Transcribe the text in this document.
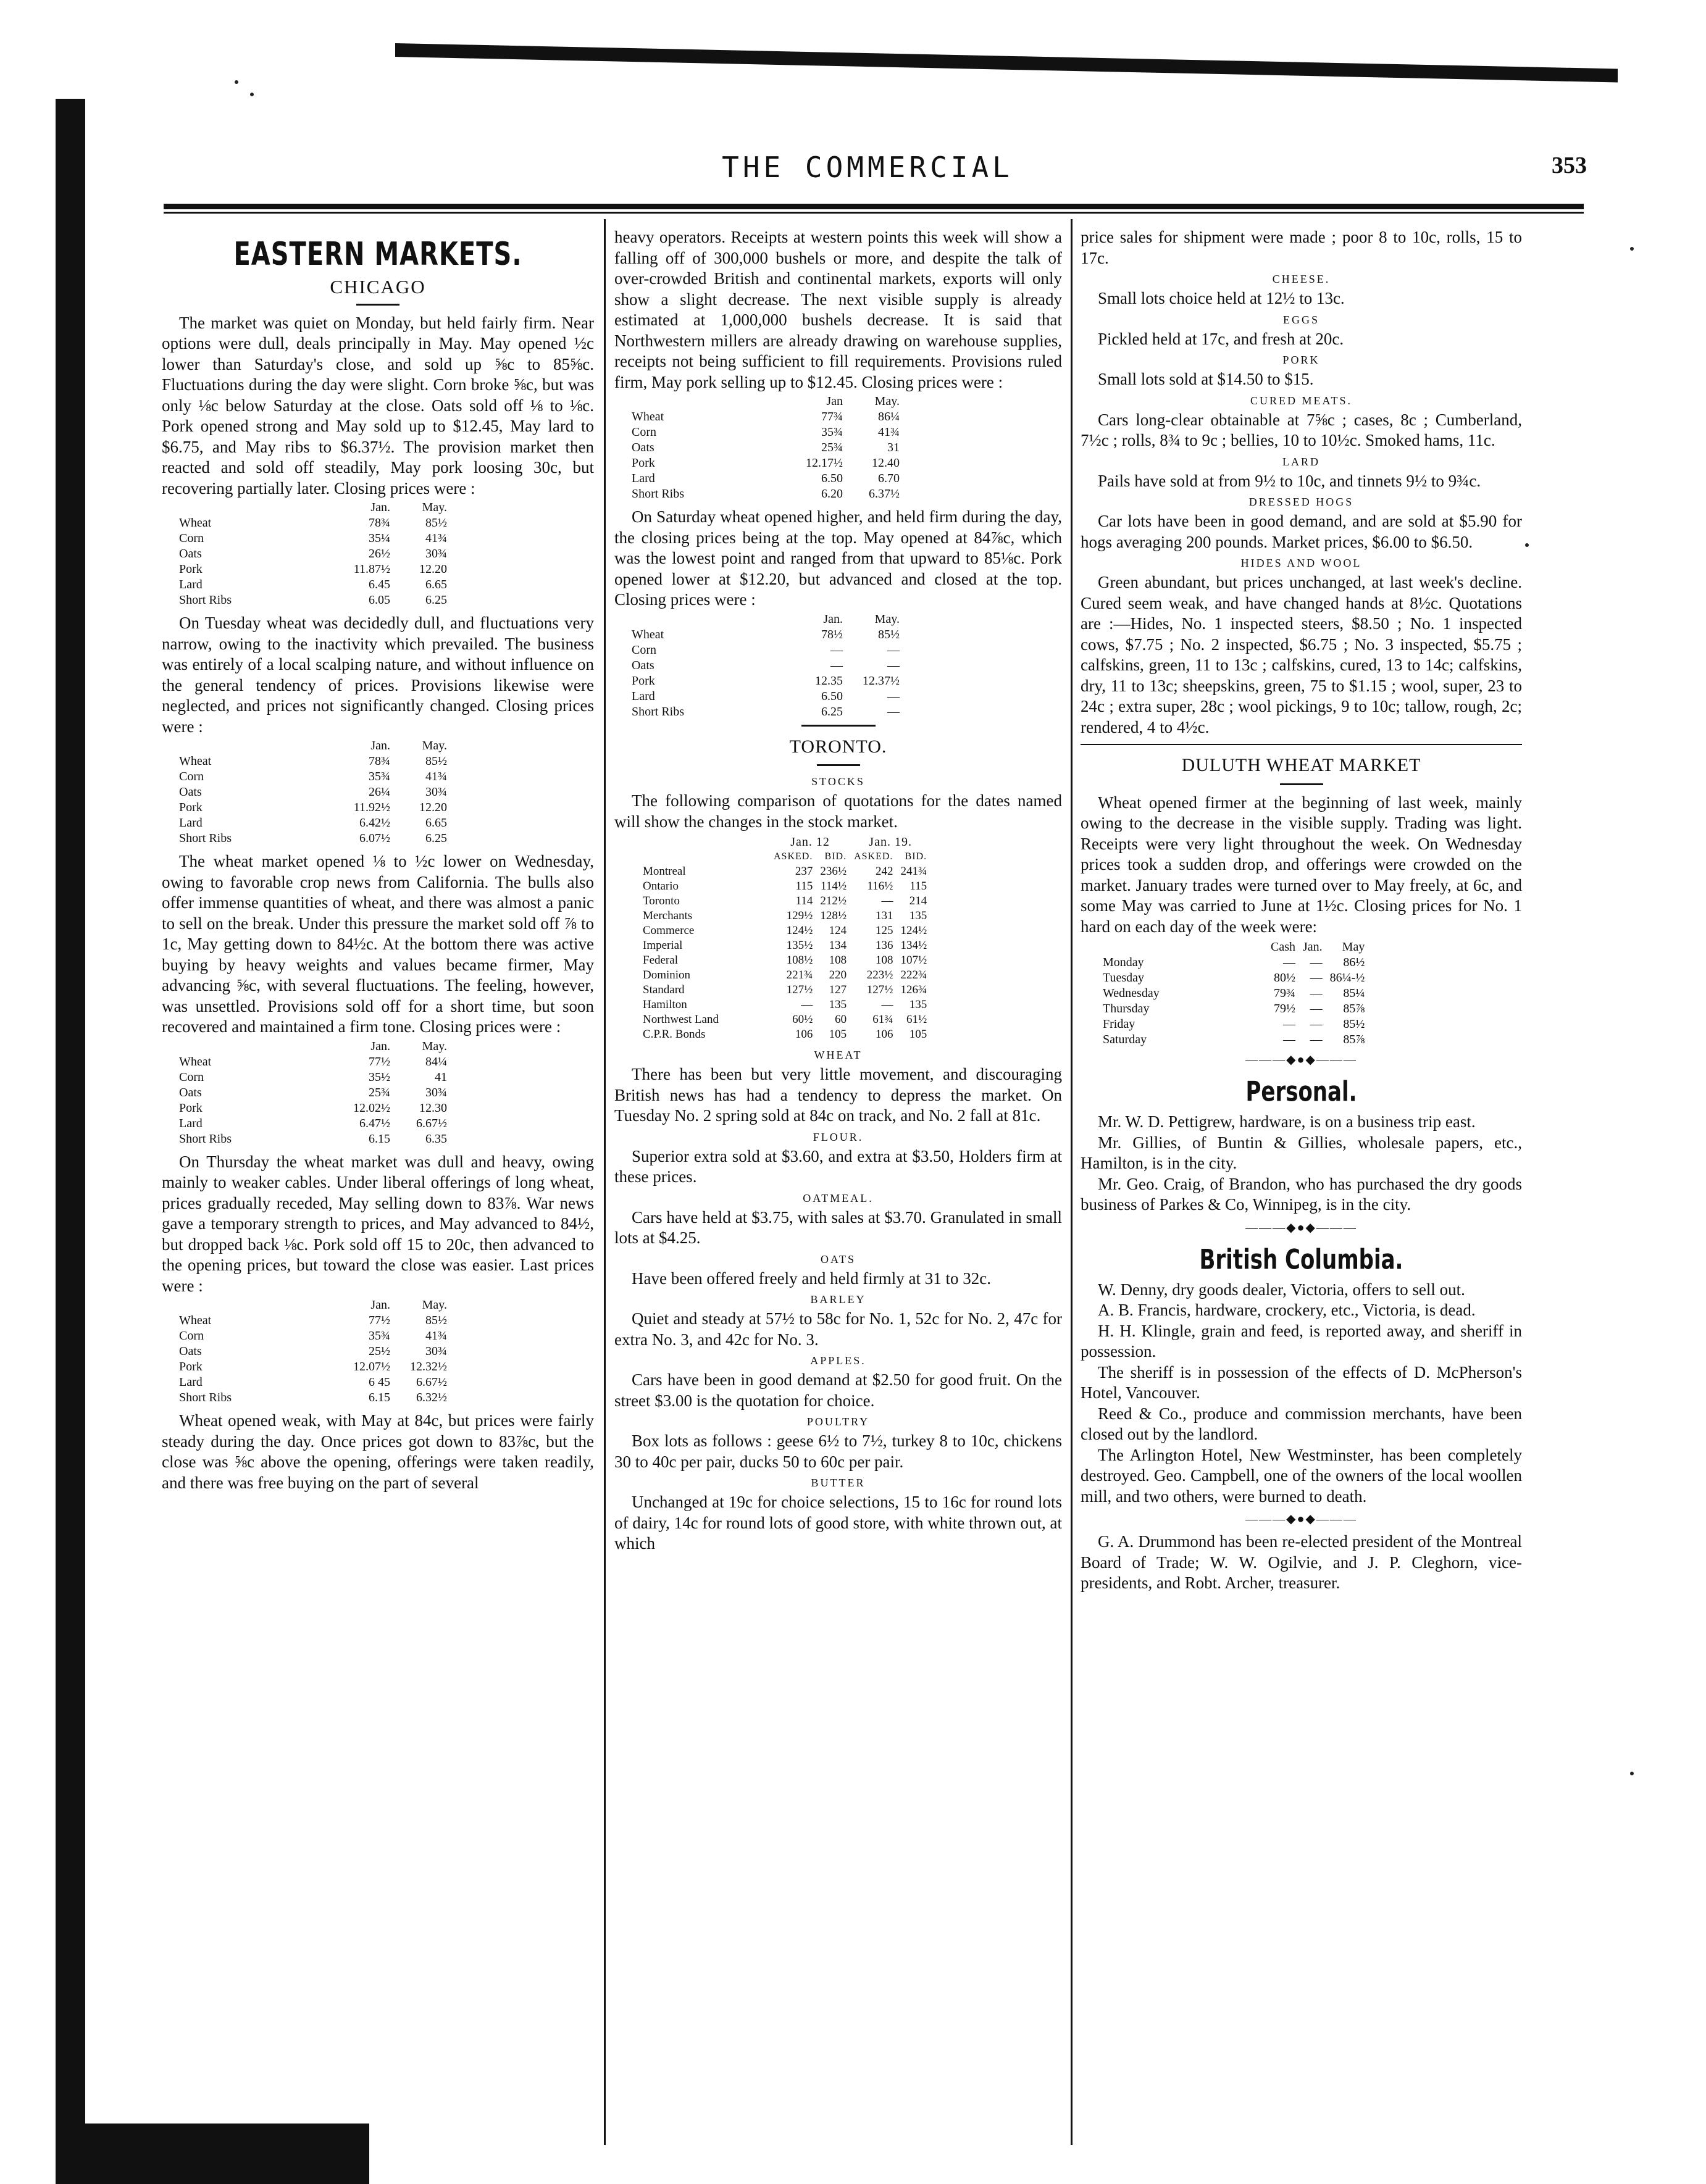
THE COMMERCIAL	353
EASTERN MARKETS.
CHICAGO

The market was quiet on Monday, but held fairly firm. Near options were dull, deals principally in May. May opened ½c lower than Saturday's close, and sold up ⅝c to 85⅝c. Fluctuations during the day were slight. Corn broke ⅝c, but was only ⅛c below Saturday at the close. Oats sold off ⅛ to ⅛c. Pork opened strong and May sold up to $12.45, May lard to $6.75, and May ribs to $6.37½. The provision market then reacted and sold off steadily, May pork loosing 30c, but recovering partially later. Closing prices were :

	Jan.	May.
Wheat	78¾	85½
Corn	35¼	41¾
Oats	26½	30¾
Pork	11.87½	12.20
Lard	6.45	6.65
Short Ribs	6.05	6.25

On Tuesday wheat was decidedly dull, and fluctuations very narrow, owing to the inactivity which prevailed. The business was entirely of a local scalping nature, and without influence on the general tendency of prices. Provisions likewise were neglected, and prices not significantly changed. Closing prices were :

	Jan.	May.
Wheat	78¾	85½
Corn	35¾	41¾
Oats	26¼	30¾
Pork	11.92½	12.20
Lard	6.42½	6.65
Short Ribs	6.07½	6.25

The wheat market opened ⅛ to ½c lower on Wednesday, owing to favorable crop news from California. The bulls also offer immense quantities of wheat, and there was almost a panic to sell on the break. Under this pressure the market sold off ⅞ to 1c, May getting down to 84½c. At the bottom there was active buying by heavy weights and values became firmer, May advancing ⅝c, with several fluctuations. The feeling, however, was unsettled. Provisions sold off for a short time, but soon recovered and maintained a firm tone. Closing prices were :

	Jan.	May.
Wheat	77½	84¼
Corn	35½	41
Oats	25¾	30¾
Pork	12.02½	12.30
Lard	6.47½	6.67½
Short Ribs	6.15	6.35

On Thursday the wheat market was dull and heavy, owing mainly to weaker cables. Under liberal offerings of long wheat, prices gradually receded, May selling down to 83⅞. War news gave a temporary strength to prices, and May advanced to 84½, but dropped back ⅛c. Pork sold off 15 to 20c, then advanced to the opening prices, but toward the close was easier. Last prices were :

	Jan.	May.
Wheat	77½	85½
Corn	35¾	41¾
Oats	25½	30¾
Pork	12.07½	12.32½
Lard	6 45	6.67½
Short Ribs	6.15	6.32½

Wheat opened weak, with May at 84c, but prices were fairly steady during the day. Once prices got down to 83⅞c, but the close was ⅝c above the opening, offerings were taken readily, and there was free buying on the part of several

heavy operators. Receipts at western points this week will show a falling off of 300,000 bushels or more, and despite the talk of over-crowded British and continental markets, exports will only show a slight decrease. The next visible supply is already estimated at 1,000,000 bushels decrease. It is said that Northwestern millers are already drawing on warehouse supplies, receipts not being sufficient to fill requirements. Provisions ruled firm, May pork selling up to $12.45. Closing prices were :

	Jan	May.
Wheat	77¾	86¼
Corn	35¾	41¾
Oats	25¾	31
Pork	12.17½	12.40
Lard	6.50	6.70
Short Ribs	6.20	6.37½

On Saturday wheat opened higher, and held firm during the day, the closing prices being at the top. May opened at 84⅞c, which was the lowest point and ranged from that upward to 85⅛c. Pork opened lower at $12.20, but advanced and closed at the top. Closing prices were :

	Jan.	May.
Wheat	78½	85½
Corn	—	—
Oats	—	—
Pork	12.35	12.37½
Lard	6.50	—
Short Ribs	6.25	—
TORONTO.
STOCKS

The following comparison of quotations for the dates named will show the changes in the stock market.

	Jan. 12		Jan. 19.	
	ASKED.	BID.	ASKED.	BID.
Montreal	237	236½	242	241¾
Ontario	115	114½	116½	115
Toronto	114	212½	—	214
Merchants	129½	128½	131	135
Commerce	124½	124	125	124½
Imperial	135½	134	136	134½
Federal	108½	108	108	107½
Dominion	221¾	220	223½	222¾
Standard	127½	127	127½	126¾
Hamilton	—	135	—	135
Northwest Land	60½	60	61¾	61½
C.P.R. Bonds	106	105	106	105
WHEAT

There has been but very little movement, and discouraging British news has had a tendency to depress the market. On Tuesday No. 2 spring sold at 84c on track, and No. 2 fall at 81c.

FLOUR.

Superior extra sold at $3.60, and extra at $3.50, Holders firm at these prices.

OATMEAL.

Cars have held at $3.75, with sales at $3.70. Granulated in small lots at $4.25.

OATS

Have been offered freely and held firmly at 31 to 32c.

BARLEY

Quiet and steady at 57½ to 58c for No. 1, 52c for No. 2, 47c for extra No. 3, and 42c for No. 3.

APPLES.

Cars have been in good demand at $2.50 for good fruit. On the street $3.00 is the quotation for choice.

POULTRY

Box lots as follows : geese 6½ to 7½, turkey 8 to 10c, chickens 30 to 40c per pair, ducks 50 to 60c per pair.

BUTTER

Unchanged at 19c for choice selections, 15 to 16c for round lots of dairy, 14c for round lots of good store, with white thrown out, at which

price sales for shipment were made ; poor 8 to 10c, rolls, 15 to 17c.

CHEESE.

Small lots choice held at 12½ to 13c.

EGGS

Pickled held at 17c, and fresh at 20c.

PORK

Small lots sold at $14.50 to $15.

CURED MEATS.

Cars long-clear obtainable at 7⅝c ; cases, 8c ; Cumberland, 7½c ; rolls, 8¾ to 9c ; bellies, 10 to 10½c. Smoked hams, 11c.

LARD

Pails have sold at from 9½ to 10c, and tinnets 9½ to 9¾c.

DRESSED HOGS

Car lots have been in good demand, and are sold at $5.90 for hogs averaging 200 pounds. Market prices, $6.00 to $6.50.

HIDES AND WOOL

Green abundant, but prices unchanged, at last week's decline. Cured seem weak, and have changed hands at 8½c. Quotations are :—Hides, No. 1 inspected steers, $8.50 ; No. 1 inspected cows, $7.75 ; No. 2 inspected, $6.75 ; No. 3 inspected, $5.75 ; calfskins, green, 11 to 13c ; calfskins, cured, 13 to 14c; calfskins, dry, 11 to 13c; sheepskins, green, 75 to $1.15 ; wool, super, 23 to 24c ; extra super, 28c ; wool pickings, 9 to 10c; tallow, rough, 2c; rendered, 4 to 4½c.

DULUTH WHEAT MARKET

Wheat opened firmer at the beginning of last week, mainly owing to the decrease in the visible supply. Trading was light. Receipts were very light throughout the week. On Wednesday prices took a sudden drop, and offerings were crowded on the market. January trades were turned over to May freely, at 6c, and some May was carried to June at 1½c. Closing prices for No. 1 hard on each day of the week were:

	Cash	Jan.	May
Monday	—	—	86½
Tuesday	80½	—	86¼-½
Wednesday	79¾	—	85¼
Thursday	79½	—	85⅞
Friday	—	—	85½
Saturday	—	—	85⅞
———◆●◆———
Personal.

Mr. W. D. Pettigrew, hardware, is on a business trip east.

Mr. Gillies, of Buntin & Gillies, wholesale papers, etc., Hamilton, is in the city.

Mr. Geo. Craig, of Brandon, who has purchased the dry goods business of Parkes & Co, Winnipeg, is in the city.

———◆●◆———
British Columbia.

W. Denny, dry goods dealer, Victoria, offers to sell out.

A. B. Francis, hardware, crockery, etc., Victoria, is dead.

H. H. Klingle, grain and feed, is reported away, and sheriff in possession.

The sheriff is in possession of the effects of D. McPherson's Hotel, Vancouver.

Reed & Co., produce and commission merchants, have been closed out by the landlord.

The Arlington Hotel, New Westminster, has been completely destroyed. Geo. Campbell, one of the owners of the local woollen mill, and two others, were burned to death.

———◆●◆———

G. A. Drummond has been re-elected president of the Montreal Board of Trade; W. W. Ogilvie, and J. P. Cleghorn, vice-presidents, and Robt. Archer, treasurer.
